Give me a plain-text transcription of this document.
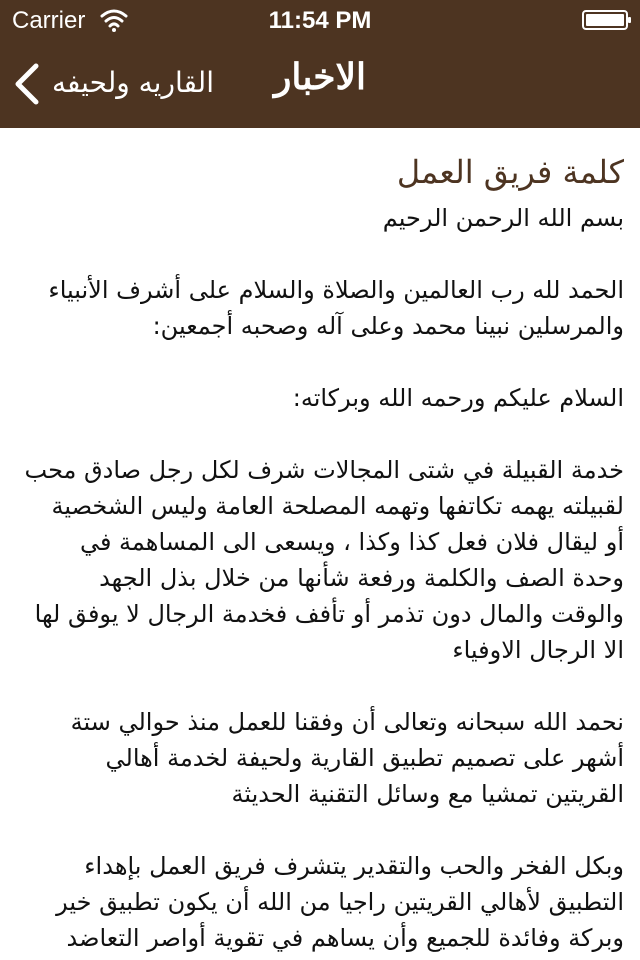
Carrier	11:54 PM
القاريه ولحيفه	الاخبار
كلمة فريق العمل

بسم الله الرحمن الرحيم

الحمد لله رب العالمين والصلاة والسلام على أشرف الأنبياء
والمرسلين نبينا محمد وعلى آله وصحبه أجمعين:

السلام عليكم ورحمه الله وبركاته:

خدمة القبيلة في شتى المجالات شرف لكل رجل صادق محب
لقبيلته يهمه تكاتفها وتهمه المصلحة العامة وليس الشخصية
أو ليقال فلان فعل كذا وكذا ، ويسعى الى المساهمة في
وحدة الصف والكلمة ورفعة شأنها من خلال بذل الجهد
والوقت والمال دون تذمر أو تأفف فخدمة الرجال لا يوفق لها
الا الرجال الاوفياء

نحمد الله سبحانه وتعالى أن وفقنا للعمل منذ حوالي ستة
أشهر على تصميم تطبيق القارية ولحيفة لخدمة أهالي
القريتين تمشيا مع وسائل التقنية الحديثة

وبكل الفخر والحب والتقدير يتشرف فريق العمل بإهداء
التطبيق لأهالي القريتين راجيا من الله أن يكون تطبيق خير
وبركة وفائدة للجميع وأن يساهم في تقوية أواصر التعاضد
